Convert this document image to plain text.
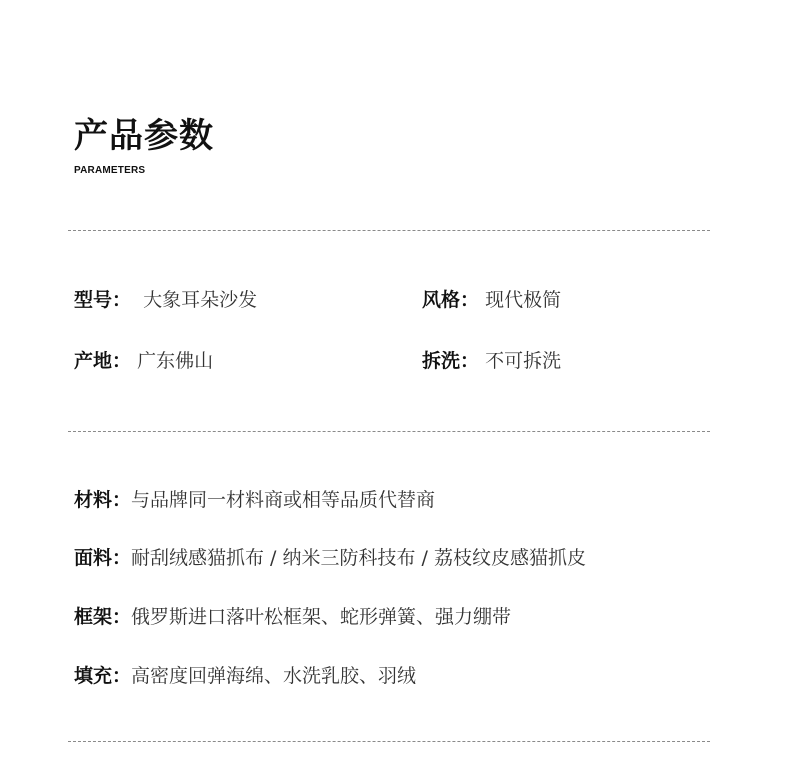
产品参数
PARAMETERS
型号： 大象耳朵沙发	风格： 现代极简
产地： 广东佛山	拆洗： 不可拆洗
材料：与品牌同一材料商或相等品质代替商
面料：耐刮绒感猫抓布 / 纳米三防科技布 / 荔枝纹皮感猫抓皮
框架：俄罗斯进口落叶松框架、蛇形弹簧、强力绷带
填充：高密度回弹海绵、水洗乳胶、羽绒
